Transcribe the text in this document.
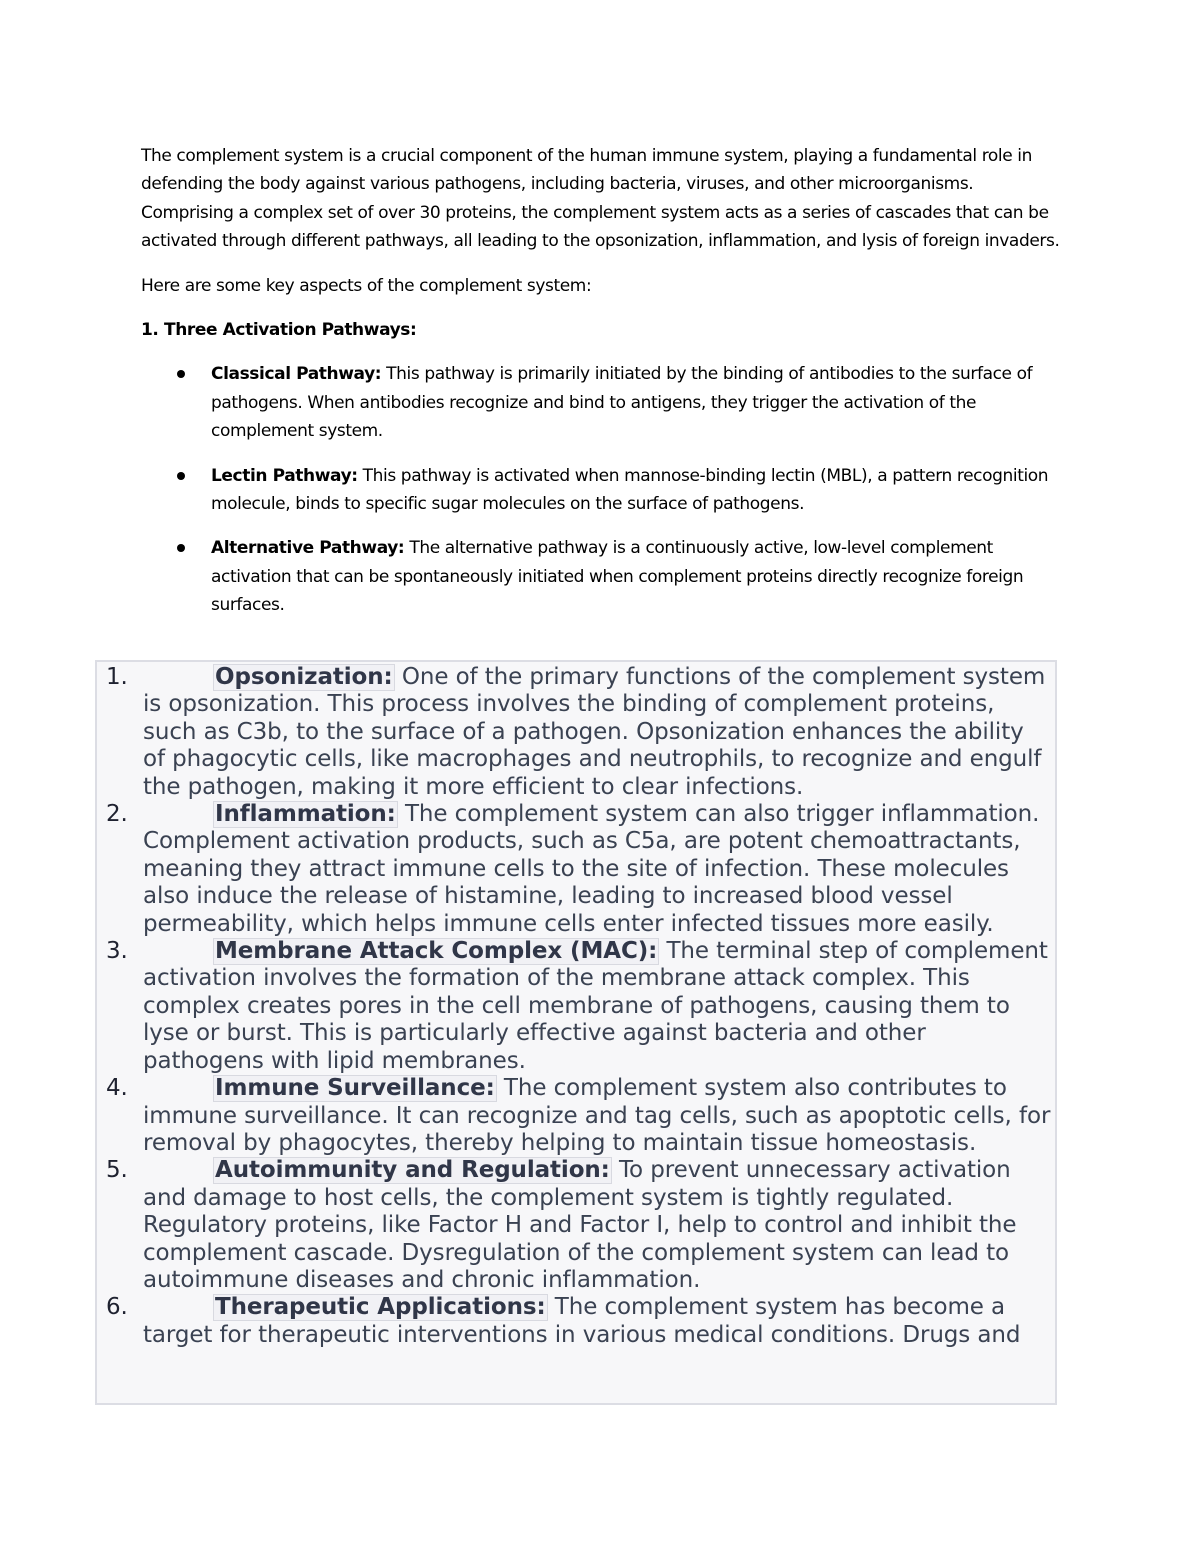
The complement system is a crucial component of the human immune system, playing a fundamental role in defending the body against various pathogens, including bacteria, viruses, and other microorganisms. Comprising a complex set of over 30 proteins, the complement system acts as a series of cascades that can be activated through different pathways, all leading to the opsonization, inflammation, and lysis of foreign invaders.

Here are some key aspects of the complement system:

1. Three Activation Pathways:

Classical Pathway: This pathway is primarily initiated by the binding of antibodies to the surface of pathogens. When antibodies recognize and bind to antigens, they trigger the activation of the complement system.
Lectin Pathway: This pathway is activated when mannose-binding lectin (MBL), a pattern recognition molecule, binds to specific sugar molecules on the surface of pathogens.
Alternative Pathway: The alternative pathway is a continuously active, low-level complement activation that can be spontaneously initiated when complement proteins directly recognize foreign surfaces.
1.	Opsonization: One of the primary functions of the complement system is opsonization. This process involves the binding of complement proteins, such as C3b, to the surface of a pathogen. Opsonization enhances the ability of phagocytic cells, like macrophages and neutrophils, to recognize and engulf the pathogen, making it more efficient to clear infections.
2.	Inflammation: The complement system can also trigger inflammation. Complement activation products, such as C5a, are potent chemoattractants, meaning they attract immune cells to the site of infection. These molecules also induce the release of histamine, leading to increased blood vessel permeability, which helps immune cells enter infected tissues more easily.
3.	Membrane Attack Complex (MAC): The terminal step of complement activation involves the formation of the membrane attack complex. This complex creates pores in the cell membrane of pathogens, causing them to lyse or burst. This is particularly effective against bacteria and other pathogens with lipid membranes.
4.	Immune Surveillance: The complement system also contributes to immune surveillance. It can recognize and tag cells, such as apoptotic cells, for removal by phagocytes, thereby helping to maintain tissue homeostasis.
5.	Autoimmunity and Regulation: To prevent unnecessary activation and damage to host cells, the complement system is tightly regulated. Regulatory proteins, like Factor H and Factor I, help to control and inhibit the complement cascade. Dysregulation of the complement system can lead to autoimmune diseases and chronic inflammation.
6.	Therapeutic Applications: The complement system has become a target for therapeutic interventions in various medical conditions. Drugs and
